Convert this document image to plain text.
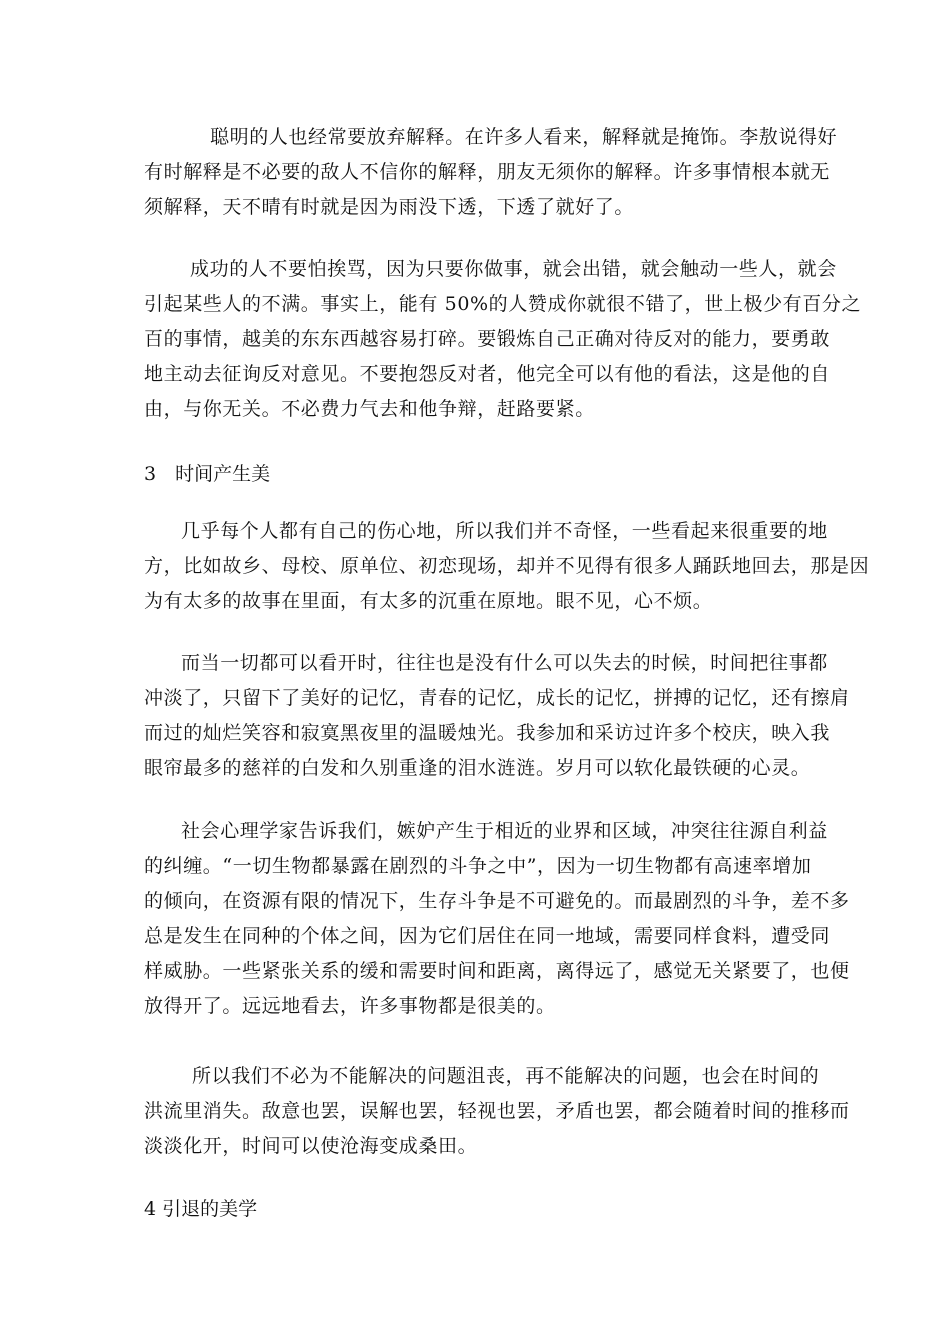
聪明的人也经常要放弃解释。在许多人看来，解释就是掩饰。李敖说得好
有时解释是不必要的敌人不信你的解释，朋友无须你的解释。许多事情根本就无
须解释，天不晴有时就是因为雨没下透，下透了就好了。
成功的人不要怕挨骂，因为只要你做事，就会出错，就会触动一些人，就会
引起某些人的不满。事实上，能有 50%的人赞成你就很不错了，世上极少有百分之
百的事情，越美的东东西越容易打碎。要锻炼自己正确对待反对的能力，要勇敢
地主动去征询反对意见。不要抱怨反对者，他完全可以有他的看法，这是他的自
由，与你无关。不必费力气去和他争辩，赶路要紧。
3　时间产生美
几乎每个人都有自己的伤心地，所以我们并不奇怪，一些看起来很重要的地
方，比如故乡、母校、原单位、初恋现场，却并不见得有很多人踊跃地回去，那是因
为有太多的故事在里面，有太多的沉重在原地。眼不见，心不烦。
而当一切都可以看开时，往往也是没有什么可以失去的时候，时间把往事都
冲淡了，只留下了美好的记忆，青春的记忆，成长的记忆，拼搏的记忆，还有擦肩
而过的灿烂笑容和寂寞黑夜里的温暖烛光。我参加和采访过许多个校庆，映入我
眼帘最多的慈祥的白发和久别重逢的泪水涟涟。岁月可以软化最铁硬的心灵。
社会心理学家告诉我们，嫉妒产生于相近的业界和区域，冲突往往源自利益
的纠缠。“一切生物都暴露在剧烈的斗争之中”，因为一切生物都有高速率增加
的倾向，在资源有限的情况下，生存斗争是不可避免的。而最剧烈的斗争，差不多
总是发生在同种的个体之间，因为它们居住在同一地域，需要同样食料，遭受同
样威胁。一些紧张关系的缓和需要时间和距离，离得远了，感觉无关紧要了，也便
放得开了。远远地看去，许多事物都是很美的。
所以我们不必为不能解决的问题沮丧，再不能解决的问题，也会在时间的
洪流里消失。敌意也罢，误解也罢，轻视也罢，矛盾也罢，都会随着时间的推移而
淡淡化开，时间可以使沧海变成桑田。
4 引退的美学
